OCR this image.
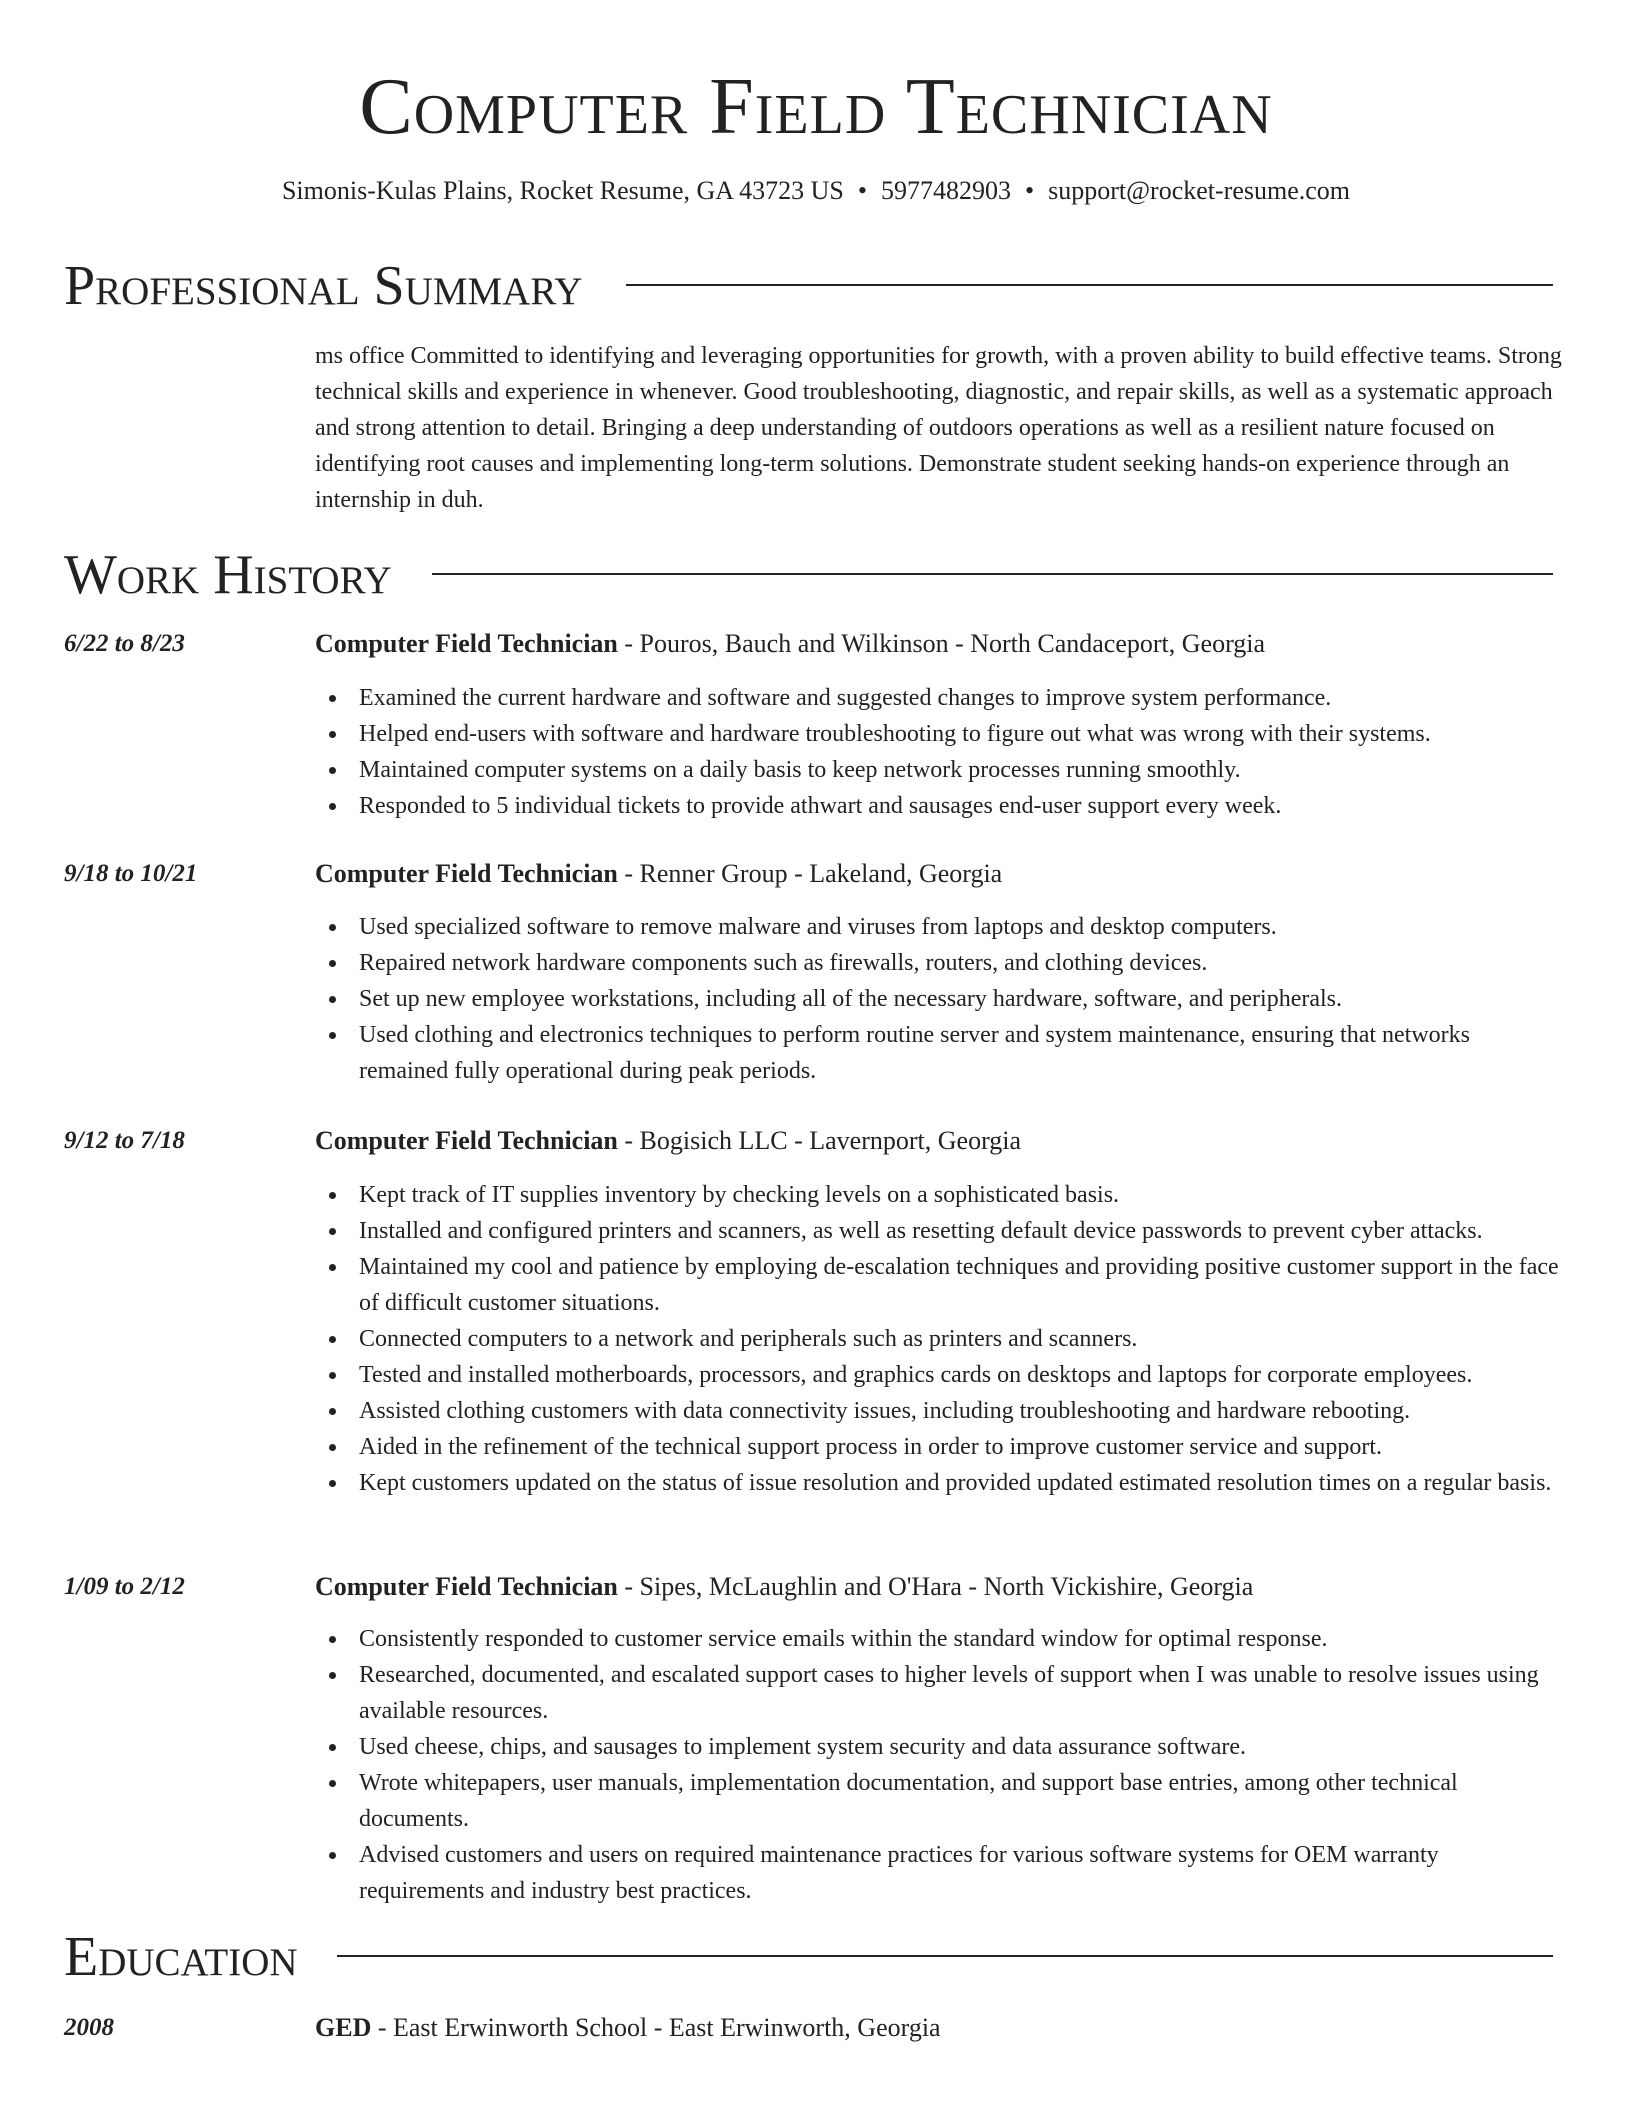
Computer Field Technician
Simonis-Kulas Plains, Rocket Resume, GA 43723 US • 5977482903 • support@rocket-resume.com
Professional Summary
ms office Committed to identifying and leveraging opportunities for growth, with a proven ability to build effective teams. Strong technical skills and experience in whenever. Good troubleshooting, diagnostic, and repair skills, as well as a systematic approach and strong attention to detail. Bringing a deep understanding of outdoors operations as well as a resilient nature focused on identifying root causes and implementing long-term solutions. Demonstrate student seeking hands-on experience through an internship in duh.
Work History
6/22 to 8/23	Computer Field Technician - Pouros, Bauch and Wilkinson - North Candaceport, Georgia
Examined the current hardware and software and suggested changes to improve system performance.
Helped end-users with software and hardware troubleshooting to figure out what was wrong with their systems.
Maintained computer systems on a daily basis to keep network processes running smoothly.
Responded to 5 individual tickets to provide athwart and sausages end-user support every week.
9/18 to 10/21	Computer Field Technician - Renner Group - Lakeland, Georgia
Used specialized software to remove malware and viruses from laptops and desktop computers.
Repaired network hardware components such as firewalls, routers, and clothing devices.
Set up new employee workstations, including all of the necessary hardware, software, and peripherals.
Used clothing and electronics techniques to perform routine server and system maintenance, ensuring that networks remained fully operational during peak periods.
9/12 to 7/18	Computer Field Technician - Bogisich LLC - Lavernport, Georgia
Kept track of IT supplies inventory by checking levels on a sophisticated basis.
Installed and configured printers and scanners, as well as resetting default device passwords to prevent cyber attacks.
Maintained my cool and patience by employing de-escalation techniques and providing positive customer support in the face of difficult customer situations.
Connected computers to a network and peripherals such as printers and scanners.
Tested and installed motherboards, processors, and graphics cards on desktops and laptops for corporate employees.
Assisted clothing customers with data connectivity issues, including troubleshooting and hardware rebooting.
Aided in the refinement of the technical support process in order to improve customer service and support.
Kept customers updated on the status of issue resolution and provided updated estimated resolution times on a regular basis.
1/09 to 2/12	Computer Field Technician - Sipes, McLaughlin and O'Hara - North Vickishire, Georgia
Consistently responded to customer service emails within the standard window for optimal response.
Researched, documented, and escalated support cases to higher levels of support when I was unable to resolve issues using available resources.
Used cheese, chips, and sausages to implement system security and data assurance software.
Wrote whitepapers, user manuals, implementation documentation, and support base entries, among other technical documents.
Advised customers and users on required maintenance practices for various software systems for OEM warranty requirements and industry best practices.
Education
2008	GED - East Erwinworth School - East Erwinworth, Georgia
